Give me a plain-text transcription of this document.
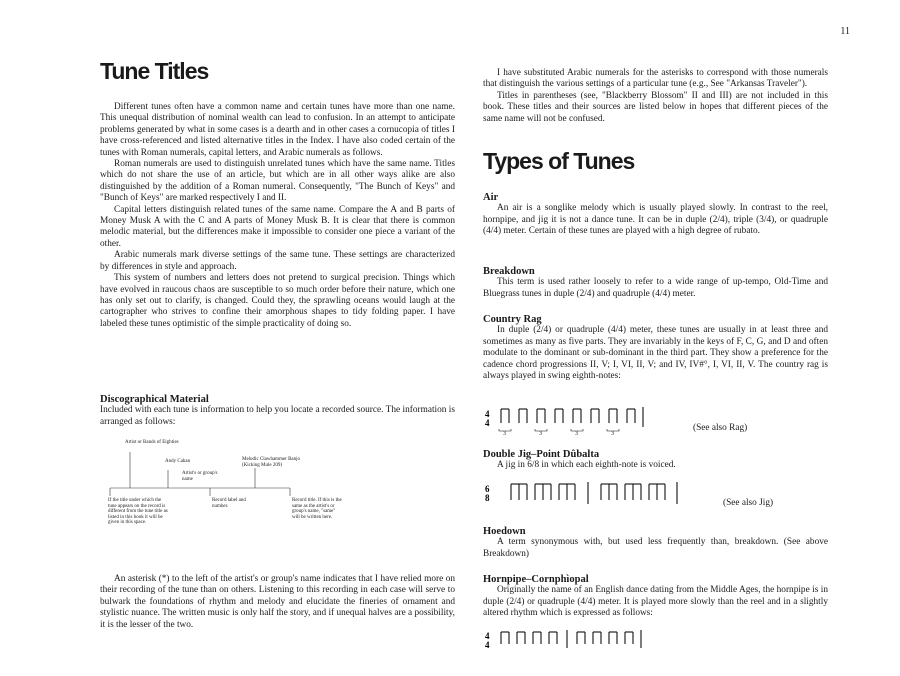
11
Tune Titles

Different tunes often have a common name and certain tunes have more than one name. This unequal distribution of nominal wealth can lead to confusion. In an attempt to anticipate problems generated by what in some cases is a dearth and in other cases a cornucopia of titles I have cross-referenced and listed alternative titles in the Index. I have also coded certain of the tunes with Roman numerals, capital letters, and Arabic numerals as follows.

Roman numerals are used to distinguish unrelated tunes which have the same name. Titles which do not share the use of an article, but which are in all other ways alike are also distinguished by the addition of a Roman numeral. Consequently, "The Bunch of Keys" and "Bunch of Keys" are marked respectively I and II.

Capital letters distinguish related tunes of the same name. Compare the A and B parts of Money Musk A with the C and A parts of Money Musk B. It is clear that there is common melodic material, but the differences make it impossible to consider one piece a variant of the other.

Arabic numerals mark diverse settings of the same tune. These settings are characterized by differences in style and approach.

This system of numbers and letters does not pretend to surgical precision. Things which have evolved in raucous chaos are susceptible to so much order before their nature, which one has only set out to clarify, is changed. Could they, the sprawling oceans would laugh at the cartographer who strives to confine their amorphous shapes to tidy folding paper. I have labeled these tunes optimistic of the simple practicality of doing so.

Discographical Material

Included with each tune is information to help you locate a recorded source. The information is arranged as follows:

Artist or Bands of Eighties
Andy Cahan
Artist's or group's name
Melodic Clawhammer Banjo (Kicking Mule 209)
If the title under which the tune appears on the record is different from the tune title as listed in this book it will be given in this space.
Record label and number.
Record title. If this is the same as the artist's or group's name, "same" will be written here.

An asterisk (*) to the left of the artist's or group's name indicates that I have relied more on their recording of the tune than on others. Listening to this recording in each case will serve to bulwark the foundations of rhythm and melody and elucidate the fineries of ornament and stylistic nuance. The written music is only half the story, and if unequal halves are a possibility, it is the lesser of the two.

I have substituted Arabic numerals for the asterisks to correspond with those numerals that distinguish the various settings of a particular tune (e.g., See "Arkansas Traveler").

Titles in parentheses (see, "Blackberry Blossom" II and III) are not included in this book. These titles and their sources are listed below in hopes that different pieces of the same name will not be confused.

Types of Tunes

Air

An air is a songlike melody which is usually played slowly. In contrast to the reel, hornpipe, and jig it is not a dance tune. It can be in duple (2/4), triple (3/4), or quadruple (4/4) meter. Certain of these tunes are played with a high degree of rubato.

Breakdown

This term is used rather loosely to refer to a wide range of up-tempo, Old-Time and Bluegrass tunes in duple (2/4) and quadruple (4/4) meter.

Country Rag

In duple (2/4) or quadruple (4/4) meter, these tunes are usually in at least three and sometimes as many as five parts. They are invariably in the keys of F, C, G, and D and often modulate to the dominant or sub-dominant in the third part. They show a preference for the cadence chord progressions II, V; I, VI, II, V; and IV, IV#°, I, VI, II, V. The country rag is always played in swing eighth-notes:

4
4
3	3	3	3
(See also Rag)

Double Jig–Point Dûbalta

A jig in 6/8 in which each eighth-note is voiced.

6
8	(See also Jig)

Hoedown

A term synonymous with, but used less frequently than, breakdown. (See above Breakdown)

Hornpipe–Cornphìopal

Originally the name of an English dance dating from the Middle Ages, the hornpipe is in duple (2/4) or quadruple (4/4) meter. It is played more slowly than the reel and in a slightly altered rhythm which is expressed as follows:

4
4
